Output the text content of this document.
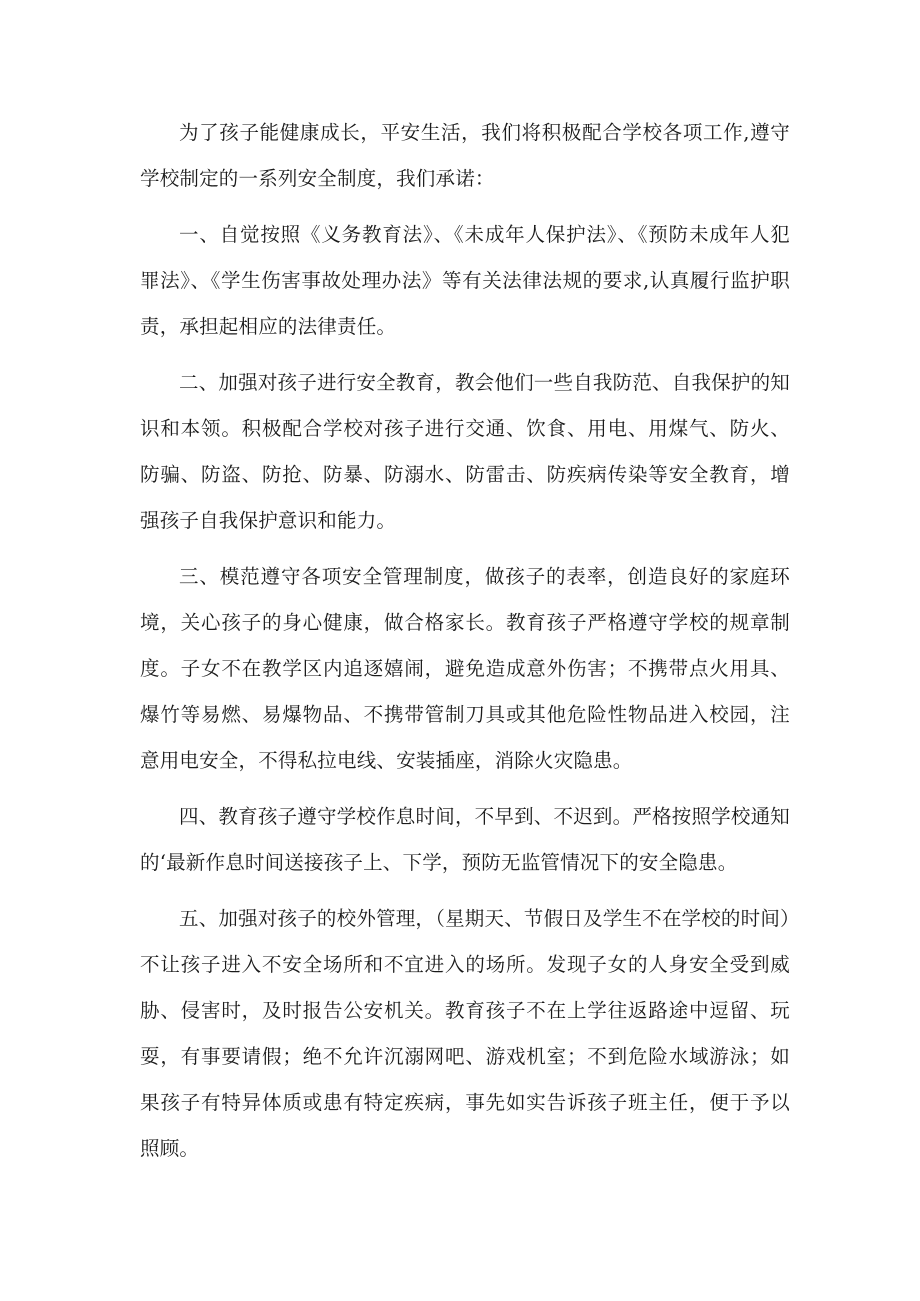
为了孩子能健康成长，平安生活，我们将积极配合学校各项工作,遵守学校制定的一系列安全制度，我们承诺：

一、自觉按照《义务教育法》、《未成年人保护法》、《预防未成年人犯罪法》、《学生伤害事故处理办法》等有关法律法规的要求,认真履行监护职责，承担起相应的法律责任。

二、加强对孩子进行安全教育，教会他们一些自我防范、自我保护的知识和本领。积极配合学校对孩子进行交通、饮食、用电、用煤气、防火、防骗、防盗、防抢、防暴、防溺水、防雷击、防疾病传染等安全教育，增强孩子自我保护意识和能力。

三、模范遵守各项安全管理制度，做孩子的表率，创造良好的家庭环境，关心孩子的身心健康，做合格家长。教育孩子严格遵守学校的规章制度。子女不在教学区内追逐嬉闹，避免造成意外伤害；不携带点火用具、爆竹等易燃、易爆物品、不携带管制刀具或其他危险性物品进入校园，注意用电安全，不得私拉电线、安装插座，消除火灾隐患。

四、教育孩子遵守学校作息时间，不早到、不迟到。严格按照学校通知的‘最新作息时间送接孩子上、下学，预防无监管情况下的安全隐患。

五、加强对孩子的校外管理，（星期天、节假日及学生不在学校的时间）不让孩子进入不安全场所和不宜进入的场所。发现子女的人身安全受到威胁、侵害时，及时报告公安机关。教育孩子不在上学往返路途中逗留、玩耍，有事要请假；绝不允许沉溺网吧、游戏机室；不到危险水域游泳；如果孩子有特异体质或患有特定疾病，事先如实告诉孩子班主任，便于予以照顾。
